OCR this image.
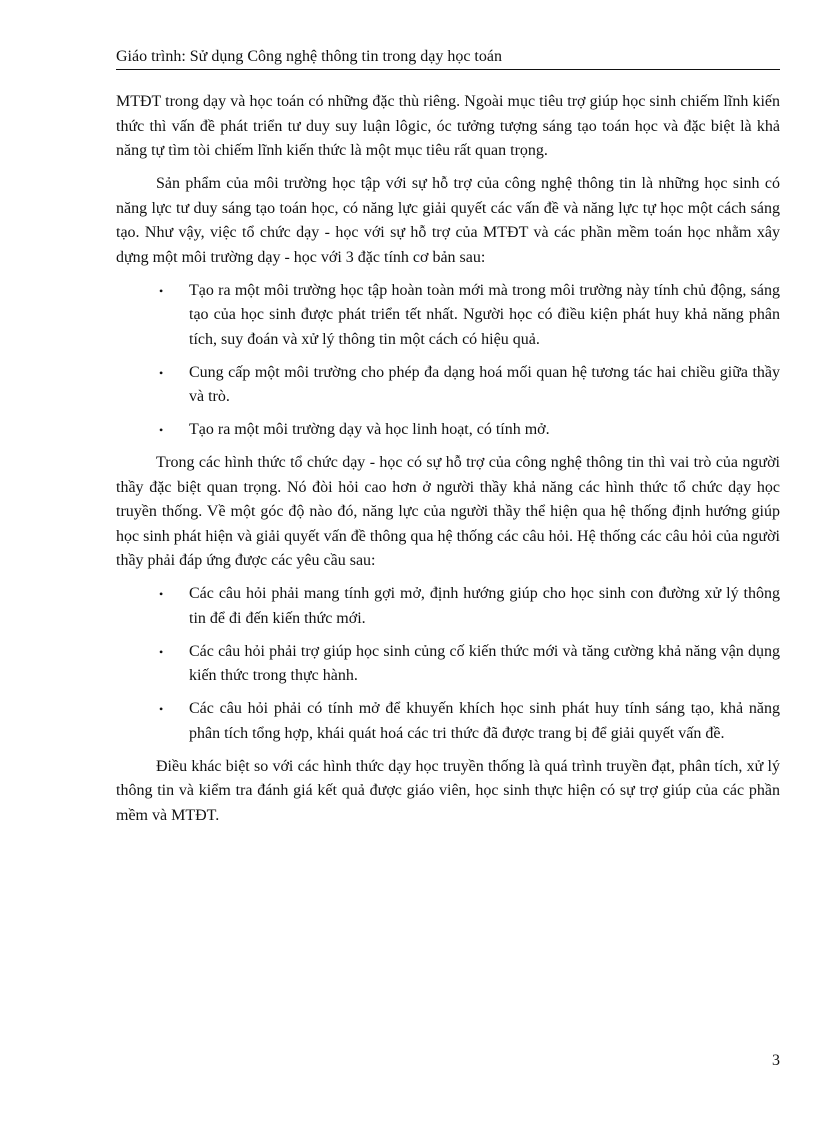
Giáo trình: Sử dụng Công nghệ thông tin trong dạy học toán

MTĐT trong dạy và học toán có những đặc thù riêng. Ngoài mục tiêu trợ giúp học sinh chiếm lĩnh kiến thức thì vấn đề phát triển tư duy suy luận lôgic, óc tưởng tượng sáng tạo toán học và đặc biệt là khả năng tự tìm tòi chiếm lĩnh kiến thức là một mục tiêu rất quan trọng.

Sản phẩm của môi trường học tập với sự hỗ trợ của công nghệ thông tin là những học sinh có năng lực tư duy sáng tạo toán học, có năng lực giải quyết các vấn đề và năng lực tự học một cách sáng tạo. Như vậy, việc tổ chức dạy - học với sự hỗ trợ của MTĐT và các phần mềm toán học nhằm xây dựng một môi trường dạy - học với 3 đặc tính cơ bản sau:

• Tạo ra một môi trường học tập hoàn toàn mới mà trong môi trường này tính chủ động, sáng tạo của học sinh được phát triển tết nhất. Người học có điều kiện phát huy khả năng phân tích, suy đoán và xử lý thông tin một cách có hiệu quả.
• Cung cấp một môi trường cho phép đa dạng hoá mối quan hệ tương tác hai chiều giữa thầy và trò.
• Tạo ra một môi trường dạy và học linh hoạt, có tính mở.

Trong các hình thức tổ chức dạy - học có sự hỗ trợ của công nghệ thông tin thì vai trò của người thầy đặc biệt quan trọng. Nó đòi hỏi cao hơn ở người thầy khả năng các hình thức tổ chức dạy học truyền thống. Về một góc độ nào đó, năng lực của người thầy thể hiện qua hệ thống định hướng giúp học sinh phát hiện và giải quyết vấn đề thông qua hệ thống các câu hỏi. Hệ thống các câu hỏi của người thầy phải đáp ứng được các yêu cầu sau:

• Các câu hỏi phải mang tính gợi mở, định hướng giúp cho học sinh con đường xử lý thông tin để đi đến kiến thức mới.
• Các câu hỏi phải trợ giúp học sinh củng cố kiến thức mới và tăng cường khả năng vận dụng kiến thức trong thực hành.
• Các câu hỏi phải có tính mở để khuyến khích học sinh phát huy tính sáng tạo, khả năng phân tích tổng hợp, khái quát hoá các tri thức đã được trang bị để giải quyết vấn đề.

Điều khác biệt so với các hình thức dạy học truyền thống là quá trình truyền đạt, phân tích, xử lý thông tin và kiểm tra đánh giá kết quả được giáo viên, học sinh thực hiện có sự trợ giúp của các phần mềm và MTĐT.

3
